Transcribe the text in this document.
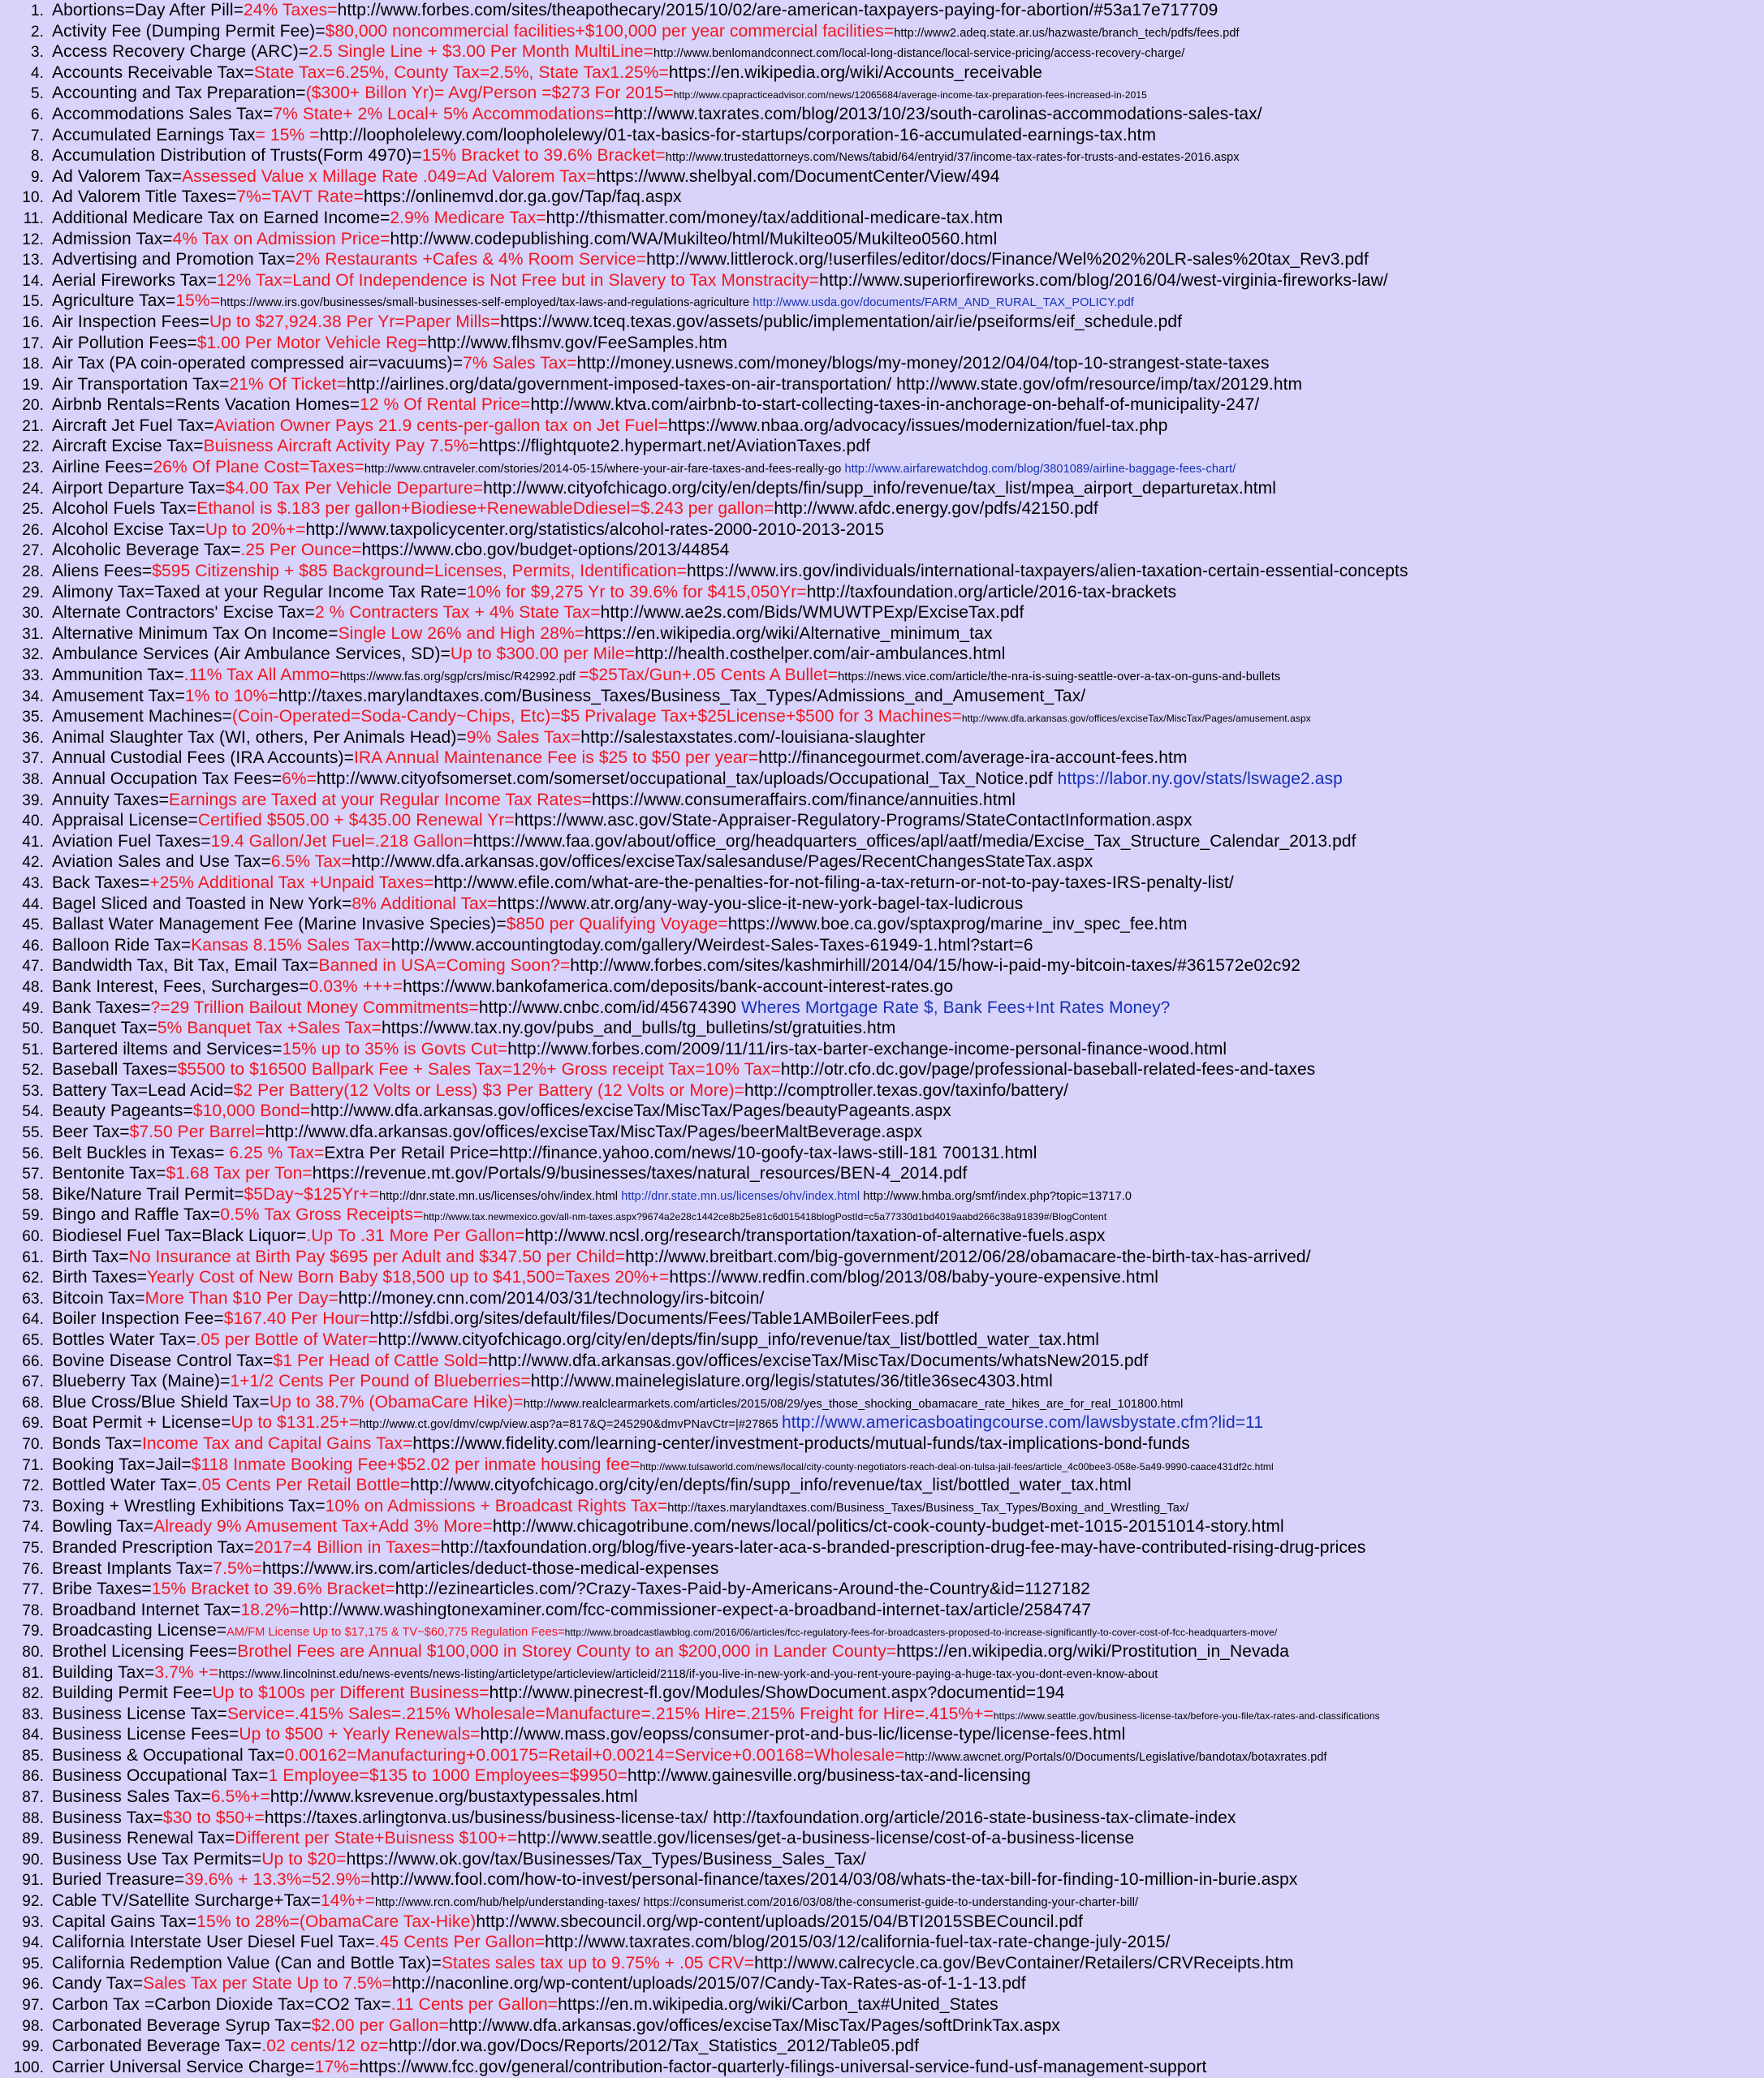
1. Abortions=Day After Pill=24% Taxes=http://www.forbes.com/sites/theapothecary/2015/10/02/are-american-taxpayers-paying-for-abortion/#53a17e717709
2. Activity Fee (Dumping Permit Fee)=$80,000 noncommercial facilities+$100,000 per year commercial facilities=http://www2.adeq.state.ar.us/hazwaste/branch_tech/pdfs/fees.pdf
3. Access Recovery Charge (ARC)=2.5 Single Line + $3.00 Per Month MultiLine=http://www.benlomandconnect.com/local-long-distance/local-service-pricing/access-recovery-charge/
4. Accounts Receivable Tax=State Tax=6.25%, County Tax=2.5%, State Tax1.25%=https://en.wikipedia.org/wiki/Accounts_receivable
5. Accounting and Tax Preparation=($300+ Billon Yr)= Avg/Person =$273 For 2015=http://www.cpapracticeadvisor.com/news/12065684/average-income-tax-preparation-fees-increased-in-2015
6. Accommodations Sales Tax=7% State+ 2% Local+ 5% Accommodations=http://www.taxrates.com/blog/2013/10/23/south-carolinas-accommodations-sales-tax/
7. Accumulated Earnings Tax= 15% =http://loopholelewy.com/loopholelewy/01-tax-basics-for-startups/corporation-16-accumulated-earnings-tax.htm
8. Accumulation Distribution of Trusts(Form 4970)=15% Bracket to 39.6% Bracket=http://www.trustedattorneys.com/News/tabid/64/entryid/37/income-tax-rates-for-trusts-and-estates-2016.aspx
9. Ad Valorem Tax=Assessed Value x Millage Rate .049=Ad Valorem Tax=https://www.shelbyal.com/DocumentCenter/View/494
10. Ad Valorem Title Taxes=7%=TAVT Rate=https://onlinemvd.dor.ga.gov/Tap/faq.aspx
11. Additional Medicare Tax on Earned Income=2.9% Medicare Tax=http://thismatter.com/money/tax/additional-medicare-tax.htm
12. Admission Tax=4% Tax on Admission Price=http://www.codepublishing.com/WA/Mukilteo/html/Mukilteo05/Mukilteo0560.html
13. Advertising and Promotion Tax=2% Restaurants +Cafes & 4% Room Service=http://www.littlerock.org/!userfiles/editor/docs/Finance/Wel%202%20LR-sales%20tax_Rev3.pdf
14. Aerial Fireworks Tax=12% Tax=Land Of Independence is Not Free but in Slavery to Tax Monstracity=http://www.superiorfireworks.com/blog/2016/04/west-virginia-fireworks-law/
15. Agriculture Tax=15%=https://www.irs.gov/businesses/small-businesses-self-employed/tax-laws-and-regulations-agriculture http://www.usda.gov/documents/FARM_AND_RURAL_TAX_POLICY.pdf
16. Air Inspection Fees=Up to $27,924.38 Per Yr=Paper Mills=https://www.tceq.texas.gov/assets/public/implementation/air/ie/pseiforms/eif_schedule.pdf
17. Air Pollution Fees=$1.00 Per Motor Vehicle Reg=http://www.flhsmv.gov/FeeSamples.htm
18. Air Tax (PA coin-operated compressed air=vacuums)=7% Sales Tax=http://money.usnews.com/money/blogs/my-money/2012/04/04/top-10-strangest-state-taxes
19. Air Transportation Tax=21% Of Ticket=http://airlines.org/data/government-imposed-taxes-on-air-transportation/ http://www.state.gov/ofm/resource/imp/tax/20129.htm
20. Airbnb Rentals=Rents Vacation Homes=12 % Of Rental Price=http://www.ktva.com/airbnb-to-start-collecting-taxes-in-anchorage-on-behalf-of-municipality-247/
21. Aircraft Jet Fuel Tax=Aviation Owner Pays 21.9 cents-per-gallon tax on Jet Fuel=https://www.nbaa.org/advocacy/issues/modernization/fuel-tax.php
22. Aircraft Excise Tax=Buisness Aircraft Activity Pay 7.5%=https://flightquote2.hypermart.net/AviationTaxes.pdf
23. Airline Fees=26% Of Plane Cost=Taxes=http://www.cntraveler.com/stories/2014-05-15/where-your-air-fare-taxes-and-fees-really-go http://www.airfarewatchdog.com/blog/3801089/airline-baggage-fees-chart/
24. Airport Departure Tax=$4.00 Tax Per Vehicle Departure=http://www.cityofchicago.org/city/en/depts/fin/supp_info/revenue/tax_list/mpea_airport_departuretax.html
25. Alcohol Fuels Tax=Ethanol is $.183 per gallon+Biodiese+RenewableDdiesel=$.243 per gallon=http://www.afdc.energy.gov/pdfs/42150.pdf
26. Alcohol Excise Tax=Up to 20%+=http://www.taxpolicycenter.org/statistics/alcohol-rates-2000-2010-2013-2015
27. Alcoholic Beverage Tax=.25 Per Ounce=https://www.cbo.gov/budget-options/2013/44854
28. Aliens Fees=$595 Citizenship + $85 Background=Licenses, Permits, Identification=https://www.irs.gov/individuals/international-taxpayers/alien-taxation-certain-essential-concepts
29. Alimony Tax=Taxed at your Regular Income Tax Rate=10% for $9,275 Yr to 39.6% for $415,050Yr=http://taxfoundation.org/article/2016-tax-brackets
30. Alternate Contractors' Excise Tax=2 % Contracters Tax + 4% State Tax=http://www.ae2s.com/Bids/WMUWTPExp/ExciseTax.pdf
31. Alternative Minimum Tax On Income=Single Low 26% and High 28%=https://en.wikipedia.org/wiki/Alternative_minimum_tax
32. Ambulance Services (Air Ambulance Services, SD)=Up to $300.00 per Mile=http://health.costhelper.com/air-ambulances.html
33. Ammunition Tax=.11% Tax All Ammo=https://www.fas.org/sgp/crs/misc/R42992.pdf =$25Tax/Gun+.05 Cents A Bullet=https://news.vice.com/article/the-nra-is-suing-seattle-over-a-tax-on-guns-and-bullets
34. Amusement Tax=1% to 10%=http://taxes.marylandtaxes.com/Business_Taxes/Business_Tax_Types/Admissions_and_Amusement_Tax/
35. Amusement Machines=(Coin-Operated=Soda-Candy~Chips, Etc)=$5 Privalage Tax+$25License+$500 for 3 Machines=http://www.dfa.arkansas.gov/offices/exciseTax/MiscTax/Pages/amusement.aspx
36. Animal Slaughter Tax (WI, others, Per Animals Head)=9% Sales Tax=http://salestaxstates.com/-louisiana-slaughter
37. Annual Custodial Fees (IRA Accounts)=IRA Annual Maintenance Fee is $25 to $50 per year=http://financegourmet.com/average-ira-account-fees.htm
38. Annual Occupation Tax Fees=6%=http://www.cityofsomerset.com/somerset/occupational_tax/uploads/Occupational_Tax_Notice.pdf https://labor.ny.gov/stats/lswage2.asp
39. Annuity Taxes=Earnings are Taxed at your Regular Income Tax Rates=https://www.consumeraffairs.com/finance/annuities.html
40. Appraisal License=Certified $505.00 + $435.00 Renewal Yr=https://www.asc.gov/State-Appraiser-Regulatory-Programs/StateContactInformation.aspx
41. Aviation Fuel Taxes=19.4 Gallon/Jet Fuel=.218 Gallon=https://www.faa.gov/about/office_org/headquarters_offices/apl/aatf/media/Excise_Tax_Structure_Calendar_2013.pdf
42. Aviation Sales and Use Tax=6.5% Tax=http://www.dfa.arkansas.gov/offices/exciseTax/salesanduse/Pages/RecentChangesStateTax.aspx
43. Back Taxes=+25% Additional Tax +Unpaid Taxes=http://www.efile.com/what-are-the-penalties-for-not-filing-a-tax-return-or-not-to-pay-taxes-IRS-penalty-list/
44. Bagel Sliced and Toasted in New York=8% Additional Tax=https://www.atr.org/any-way-you-slice-it-new-york-bagel-tax-ludicrous
45. Ballast Water Management Fee (Marine Invasive Species)=$850 per Qualifying Voyage=https://www.boe.ca.gov/sptaxprog/marine_inv_spec_fee.htm
46. Balloon Ride Tax=Kansas 8.15% Sales Tax=http://www.accountingtoday.com/gallery/Weirdest-Sales-Taxes-61949-1.html?start=6
47. Bandwidth Tax, Bit Tax, Email Tax=Banned in USA=Coming Soon?=http://www.forbes.com/sites/kashmirhill/2014/04/15/how-i-paid-my-bitcoin-taxes/#361572e02c92
48. Bank Interest, Fees, Surcharges=0.03% +++=https://www.bankofamerica.com/deposits/bank-account-interest-rates.go
49. Bank Taxes=?=29 Trillion Bailout Money Commitments=http://www.cnbc.com/id/45674390 Wheres Mortgage Rate $, Bank Fees+Int Rates Money?
50. Banquet Tax=5% Banquet Tax +Sales Tax=https://www.tax.ny.gov/pubs_and_bulls/tg_bulletins/st/gratuities.htm
51. Bartered iltems and Services=15% up to 35% is Govts Cut=http://www.forbes.com/2009/11/11/irs-tax-barter-exchange-income-personal-finance-wood.html
52. Baseball Taxes=$5500 to $16500 Ballpark Fee + Sales Tax=12%+ Gross receipt Tax=10% Tax=http://otr.cfo.dc.gov/page/professional-baseball-related-fees-and-taxes
53. Battery Tax=Lead Acid=$2 Per Battery(12 Volts or Less) $3 Per Battery (12 Volts or More)=http://comptroller.texas.gov/taxinfo/battery/
54. Beauty Pageants=$10,000 Bond=http://www.dfa.arkansas.gov/offices/exciseTax/MiscTax/Pages/beautyPageants.aspx
55. Beer Tax=$7.50 Per Barrel=http://www.dfa.arkansas.gov/offices/exciseTax/MiscTax/Pages/beerMaltBeverage.aspx
56. Belt Buckles in Texas= 6.25 % Tax=Extra Per Retail Price=http://finance.yahoo.com/news/10-goofy-tax-laws-still-181 700131.html
57. Bentonite Tax=$1.68 Tax per Ton=https://revenue.mt.gov/Portals/9/businesses/taxes/natural_resources/BEN-4_2014.pdf
58. Bike/Nature Trail Permit=$5Day~$125Yr+=http://dnr.state.mn.us/licenses/ohv/index.html http://dnr.state.mn.us/licenses/ohv/index.html http://www.hmba.org/smf/index.php?topic=13717.0
59. Bingo and Raffle Tax=0.5% Tax Gross Receipts=http://www.tax.newmexico.gov/all-nm-taxes.aspx?9674a2e28c1442ce8b25e81c6d015418blogPostId=c5a77330d1bd4019aabd266c38a91839#/BlogContent
60. Biodiesel Fuel Tax=Black Liquor=.Up To .31 More Per Gallon=http://www.ncsl.org/research/transportation/taxation-of-alternative-fuels.aspx
61. Birth Tax=No Insurance at Birth Pay $695 per Adult and $347.50 per Child=http://www.breitbart.com/big-government/2012/06/28/obamacare-the-birth-tax-has-arrived/
62. Birth Taxes=Yearly Cost of New Born Baby $18,500 up to $41,500=Taxes 20%+=https://www.redfin.com/blog/2013/08/baby-youre-expensive.html
63. Bitcoin Tax=More Than $10 Per Day=http://money.cnn.com/2014/03/31/technology/irs-bitcoin/
64. Boiler Inspection Fee=$167.40 Per Hour=http://sfdbi.org/sites/default/files/Documents/Fees/Table1AMBoilerFees.pdf
65. Bottles Water Tax=.05 per Bottle of Water=http://www.cityofchicago.org/city/en/depts/fin/supp_info/revenue/tax_list/bottled_water_tax.html
66. Bovine Disease Control Tax=$1 Per Head of Cattle Sold=http://www.dfa.arkansas.gov/offices/exciseTax/MiscTax/Documents/whatsNew2015.pdf
67. Blueberry Tax (Maine)=1+1/2 Cents Per Pound of Blueberries=http://www.mainelegislature.org/legis/statutes/36/title36sec4303.html
68. Blue Cross/Blue Shield Tax=Up to 38.7% (ObamaCare Hike)=http://www.realclearmarkets.com/articles/2015/08/29/yes_those_shocking_obamacare_rate_hikes_are_for_real_101800.html
69. Boat Permit + License=Up to $131.25+=http://www.ct.gov/dmv/cwp/view.asp?a=817&Q=245290&dmvPNavCtr=|#27865 http://www.americasboatingcourse.com/lawsbystate.cfm?lid=11
70. Bonds Tax=Income Tax and Capital Gains Tax=https://www.fidelity.com/learning-center/investment-products/mutual-funds/tax-implications-bond-funds
71. Booking Tax=Jail=$118 Inmate Booking Fee+$52.02 per inmate housing fee=http://www.tulsaworld.com/news/local/city-county-negotiators-reach-deal-on-tulsa-jail-fees/article_4c00bee3-058e-5a49-9990-caace431df2c.html
72. Bottled Water Tax=.05 Cents Per Retail Bottle=http://www.cityofchicago.org/city/en/depts/fin/supp_info/revenue/tax_list/bottled_water_tax.html
73. Boxing + Wrestling Exhibitions Tax=10% on Admissions + Broadcast Rights Tax=http://taxes.marylandtaxes.com/Business_Taxes/Business_Tax_Types/Boxing_and_Wrestling_Tax/
74. Bowling Tax=Already 9% Amusement Tax+Add 3% More=http://www.chicagotribune.com/news/local/politics/ct-cook-county-budget-met-1015-20151014-story.html
75. Branded Prescription Tax=2017=4 Billion in Taxes=http://taxfoundation.org/blog/five-years-later-aca-s-branded-prescription-drug-fee-may-have-contributed-rising-drug-prices
76. Breast Implants Tax=7.5%=https://www.irs.com/articles/deduct-those-medical-expenses
77. Bribe Taxes=15% Bracket to 39.6% Bracket=http://ezinearticles.com/?Crazy-Taxes-Paid-by-Americans-Around-the-Country&id=1127182
78. Broadband Internet Tax=18.2%=http://www.washingtonexaminer.com/fcc-commissioner-expect-a-broadband-internet-tax/article/2584747
79. Broadcasting License=AM/FM License Up to $17,175 & TV~$60,775 Regulation Fees=http://www.broadcastlawblog.com/2016/06/articles/fcc-regulatory-fees-for-broadcasters-proposed-to-increase-significantly-to-cover-cost-of-fcc-headquarters-move/
80. Brothel Licensing Fees=Brothel Fees are Annual $100,000 in Storey County to an $200,000 in Lander County=https://en.wikipedia.org/wiki/Prostitution_in_Nevada
81. Building Tax=3.7% +=https://www.lincolninst.edu/news-events/news-listing/articletype/articleview/articleid/2118/if-you-live-in-new-york-and-you-rent-youre-paying-a-huge-tax-you-dont-even-know-about
82. Building Permit Fee=Up to $100s per Different Business=http://www.pinecrest-fl.gov/Modules/ShowDocument.aspx?documentid=194
83. Business License Tax=Service=.415% Sales=.215% Wholesale=Manufacture=.215% Hire=.215% Freight for Hire=.415%+=https://www.seattle.gov/business-license-tax/before-you-file/tax-rates-and-classifications
84. Business License Fees=Up to $500 + Yearly Renewals=http://www.mass.gov/eopss/consumer-prot-and-bus-lic/license-type/license-fees.html
85. Business & Occupational Tax=0.00162=Manufacturing+0.00175=Retail+0.00214=Service+0.00168=Wholesale=http://www.awcnet.org/Portals/0/Documents/Legislative/bandotax/botaxrates.pdf
86. Business Occupational Tax=1 Employee=$135 to 1000 Employees=$9950=http://www.gainesville.org/business-tax-and-licensing
87. Business Sales Tax=6.5%+=http://www.ksrevenue.org/bustaxtypessales.html
88. Business Tax=$30 to $50+=https://taxes.arlingtonva.us/business/business-license-tax/ http://taxfoundation.org/article/2016-state-business-tax-climate-index
89. Business Renewal Tax=Different per State+Buisness $100+=http://www.seattle.gov/licenses/get-a-business-license/cost-of-a-business-license
90. Business Use Tax Permits=Up to $20=https://www.ok.gov/tax/Businesses/Tax_Types/Business_Sales_Tax/
91. Buried Treasure=39.6% + 13.3%=52.9%=http://www.fool.com/how-to-invest/personal-finance/taxes/2014/03/08/whats-the-tax-bill-for-finding-10-million-in-burie.aspx
92. Cable TV/Satellite Surcharge+Tax=14%+=http://www.rcn.com/hub/help/understanding-taxes/ https://consumerist.com/2016/03/08/the-consumerist-guide-to-understanding-your-charter-bill/
93. Capital Gains Tax=15% to 28%=(ObamaCare Tax-Hike)http://www.sbecouncil.org/wp-content/uploads/2015/04/BTI2015SBECouncil.pdf
94. California Interstate User Diesel Fuel Tax=.45 Cents Per Gallon=http://www.taxrates.com/blog/2015/03/12/california-fuel-tax-rate-change-july-2015/
95. California Redemption Value (Can and Bottle Tax)=States sales tax up to 9.75% + .05 CRV=http://www.calrecycle.ca.gov/BevContainer/Retailers/CRVReceipts.htm
96. Candy Tax=Sales Tax per State Up to 7.5%=http://naconline.org/wp-content/uploads/2015/07/Candy-Tax-Rates-as-of-1-1-13.pdf
97. Carbon Tax =Carbon Dioxide Tax=CO2 Tax=.11 Cents per Gallon=https://en.m.wikipedia.org/wiki/Carbon_tax#United_States
98. Carbonated Beverage Syrup Tax=$2.00 per Gallon=http://www.dfa.arkansas.gov/offices/exciseTax/MiscTax/Pages/softDrinkTax.aspx
99. Carbonated Beverage Tax=.02 cents/12 oz=http://dor.wa.gov/Docs/Reports/2012/Tax_Statistics_2012/Table05.pdf
100. Carrier Universal Service Charge=17%=https://www.fcc.gov/general/contribution-factor-quarterly-filings-universal-service-fund-usf-management-support
